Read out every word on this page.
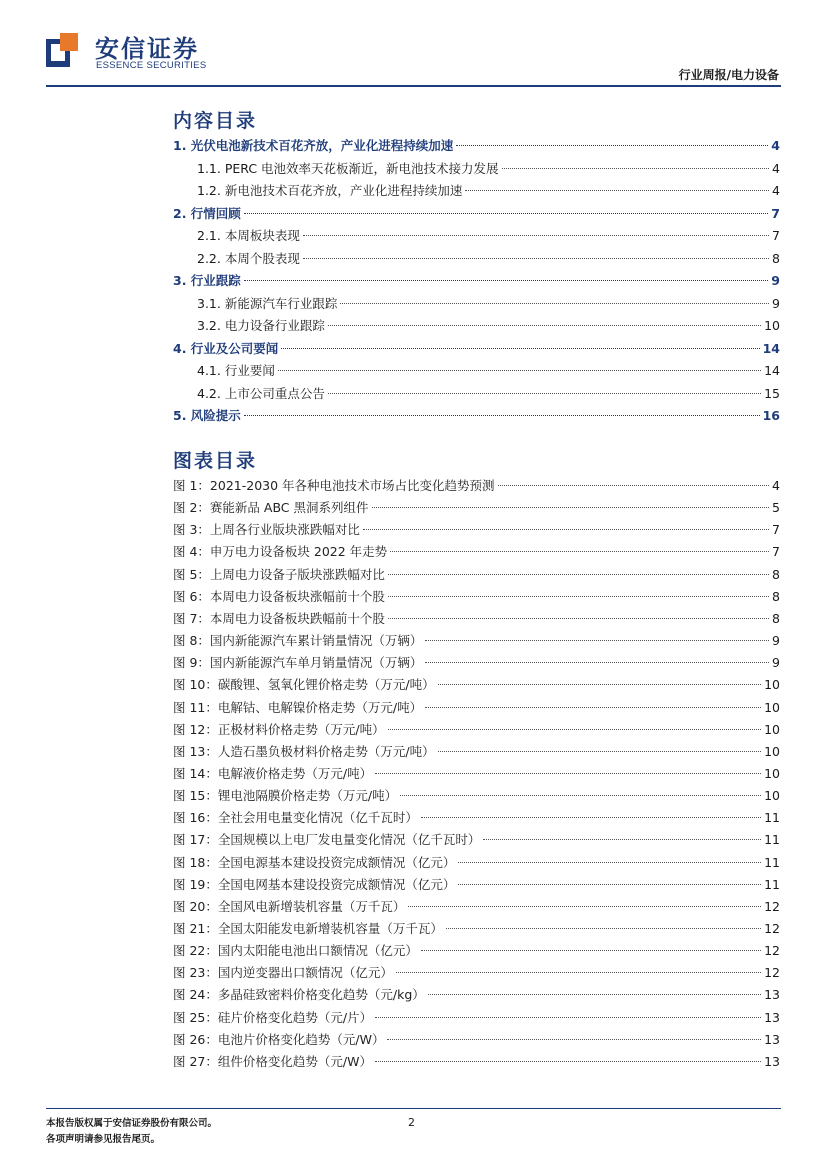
安信证券
ESSENCE SECURITIES
行业周报/电力设备
内容目录
1. 光伏电池新技术百花齐放，产业化进程持续加速	4
1.1. PERC 电池效率天花板渐近，新电池技术接力发展	4
1.2. 新电池技术百花齐放，产业化进程持续加速	4
2. 行情回顾	7
2.1. 本周板块表现	7
2.2. 本周个股表现	8
3. 行业跟踪	9
3.1. 新能源汽车行业跟踪	9
3.2. 电力设备行业跟踪	10
4. 行业及公司要闻	14
4.1. 行业要闻	14
4.2. 上市公司重点公告	15
5. 风险提示	16
图表目录
图 1：2021-2030 年各种电池技术市场占比变化趋势预测	4
图 2：赛能新品 ABC 黑洞系列组件	5
图 3：上周各行业版块涨跌幅对比	7
图 4：申万电力设备板块 2022 年走势	7
图 5：上周电力设备子版块涨跌幅对比	8
图 6：本周电力设备板块涨幅前十个股	8
图 7：本周电力设备板块跌幅前十个股	8
图 8：国内新能源汽车累计销量情况（万辆）	9
图 9：国内新能源汽车单月销量情况（万辆）	9
图 10：碳酸锂、氢氧化锂价格走势（万元/吨）	10
图 11：电解钴、电解镍价格走势（万元/吨）	10
图 12：正极材料价格走势（万元/吨）	10
图 13：人造石墨负极材料价格走势（万元/吨）	10
图 14：电解液价格走势（万元/吨）	10
图 15：锂电池隔膜价格走势（万元/吨）	10
图 16：全社会用电量变化情况（亿千瓦时）	11
图 17：全国规模以上电厂发电量变化情况（亿千瓦时）	11
图 18：全国电源基本建设投资完成额情况（亿元）	11
图 19：全国电网基本建设投资完成额情况（亿元）	11
图 20：全国风电新增装机容量（万千瓦）	12
图 21：全国太阳能发电新增装机容量（万千瓦）	12
图 22：国内太阳能电池出口额情况（亿元）	12
图 23：国内逆变器出口额情况（亿元）	12
图 24：多晶硅致密料价格变化趋势（元/kg）	13
图 25：硅片价格变化趋势（元/片）	13
图 26：电池片价格变化趋势（元/W）	13
图 27：组件价格变化趋势（元/W）	13
本报告版权属于安信证券股份有限公司。
各项声明请参见报告尾页。
2
